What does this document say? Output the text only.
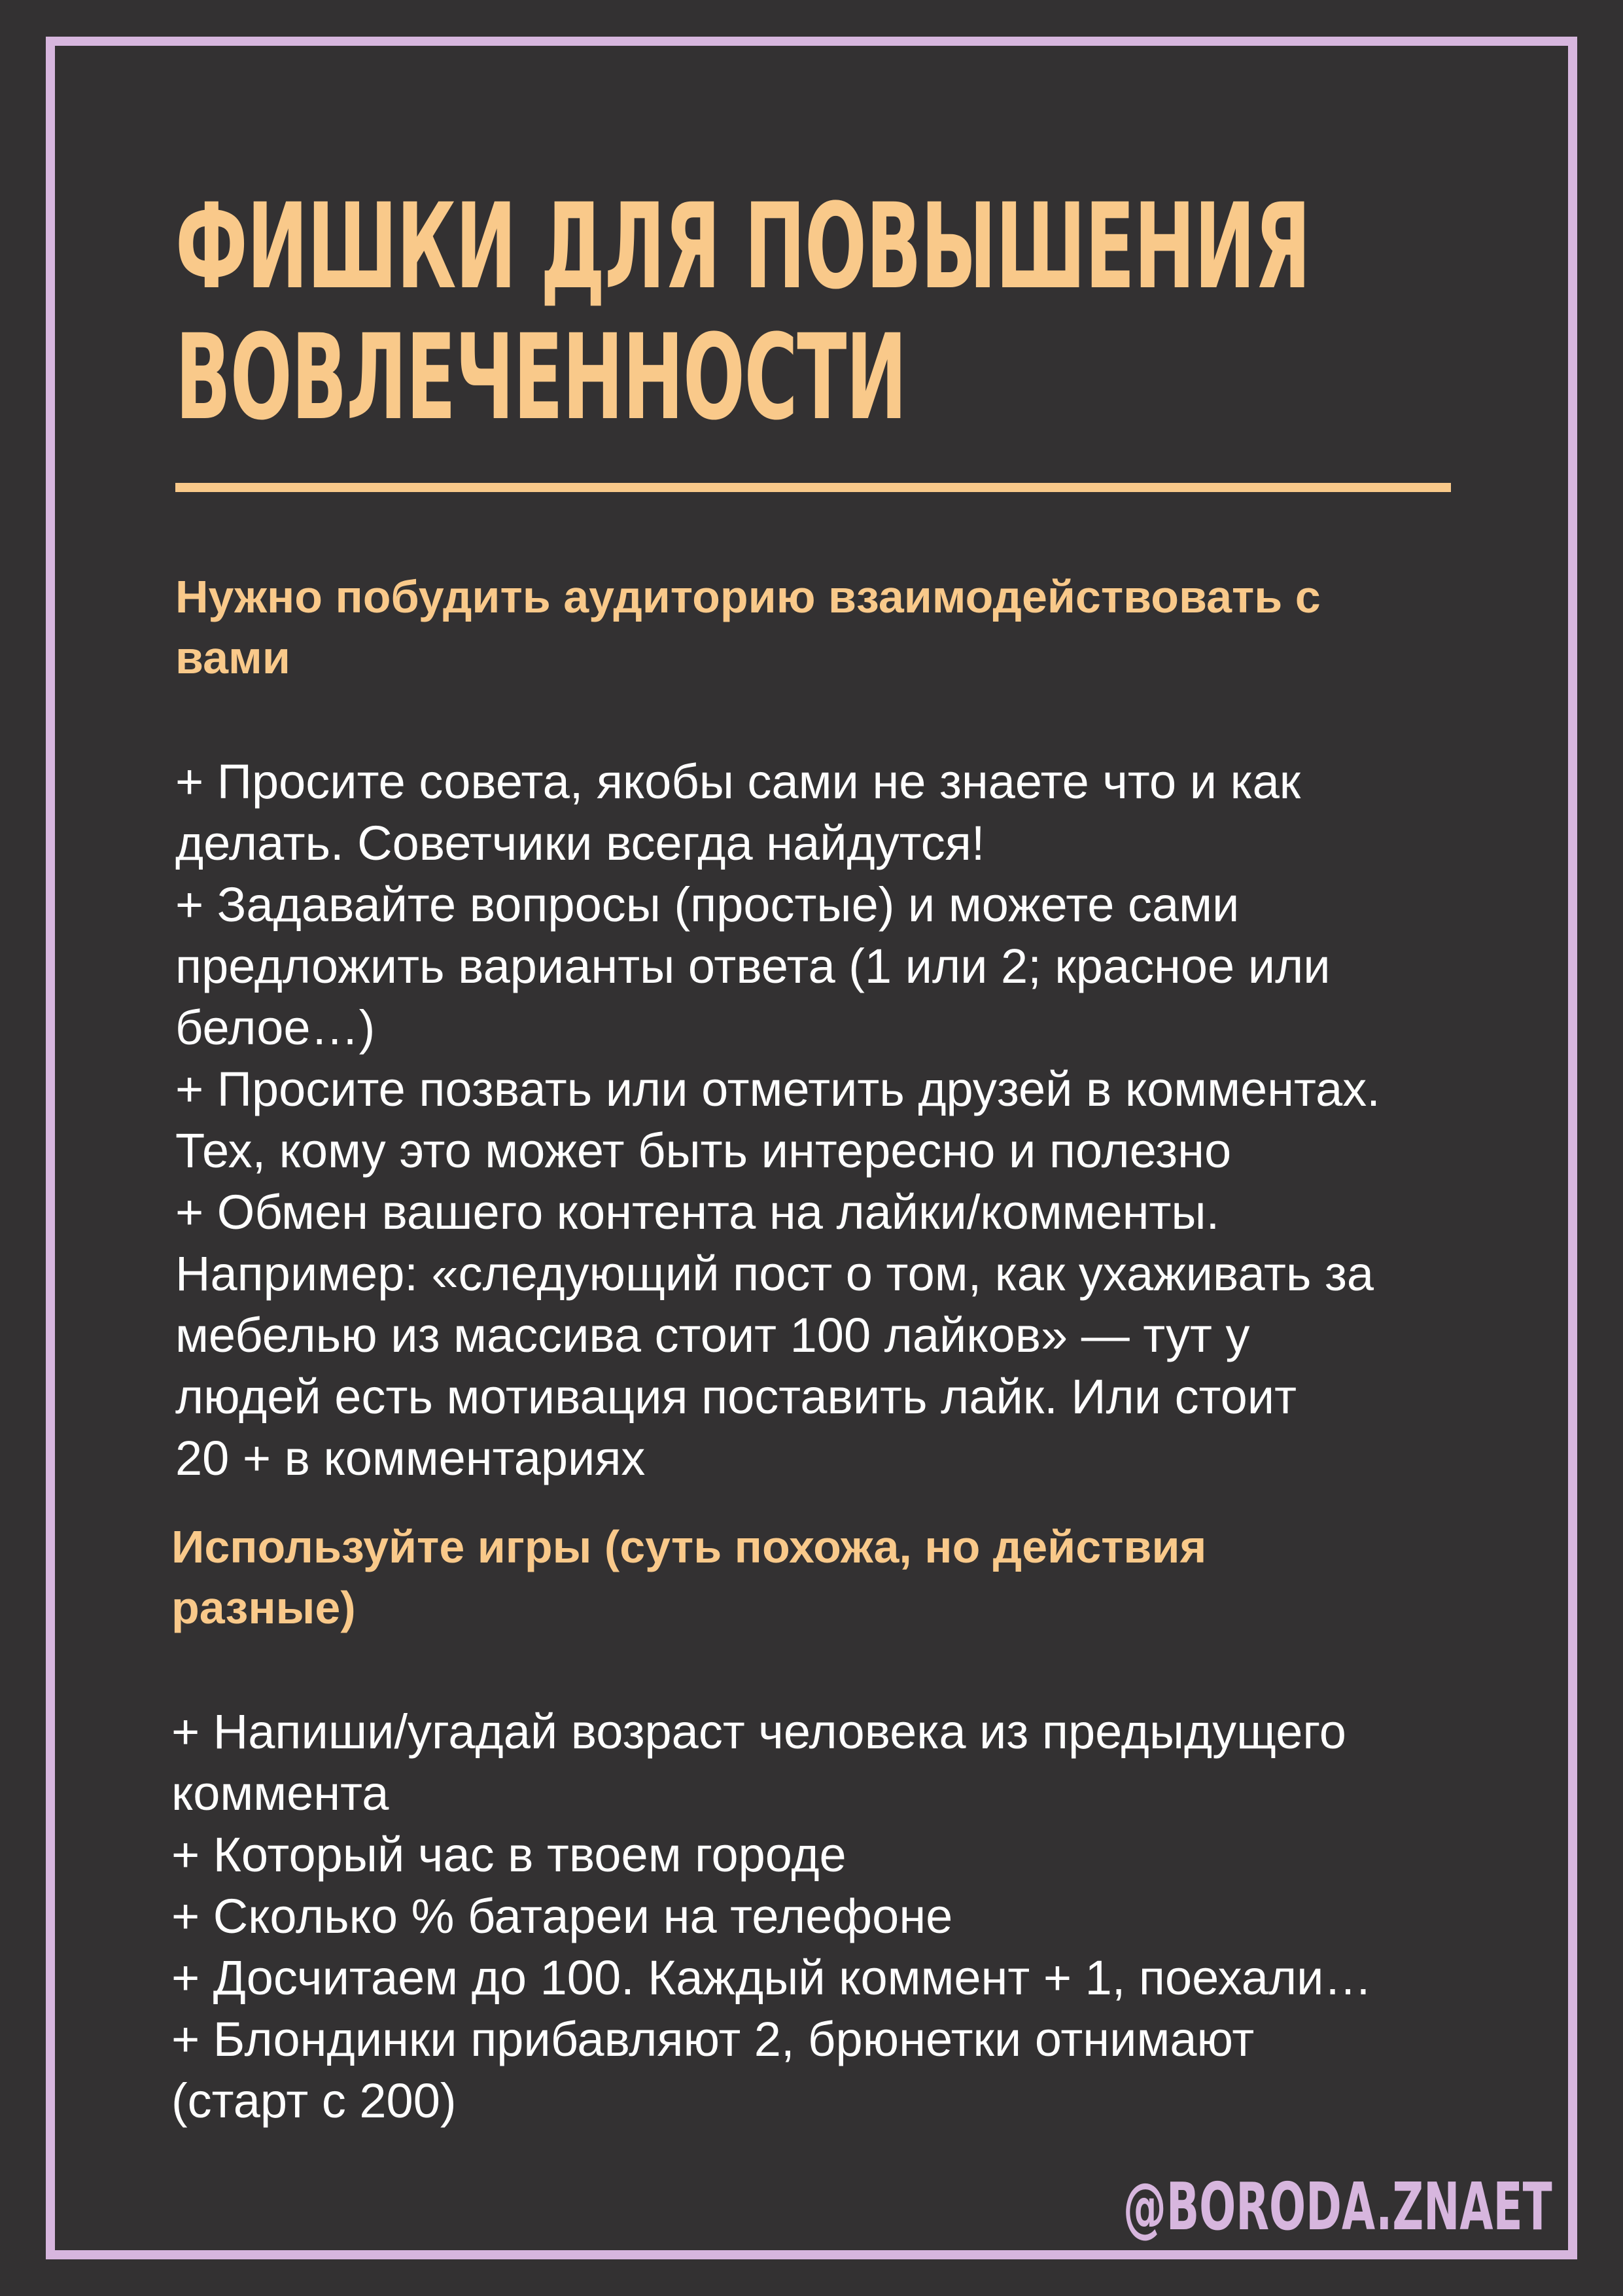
ФИШКИ ДЛЯ ПОВЫШЕНИЯ
ВОВЛЕЧЕННОСТИ
Нужно побудить аудиторию взаимодействовать с
вами
+ Просите совета, якобы сами не знаете что и как
делать. Советчики всегда найдутся!
+ Задавайте вопросы (простые) и можете сами
предложить варианты ответа (1 или 2; красное или
белое…)
+ Просите позвать или отметить друзей в комментах.
Тех, кому это может быть интересно и полезно
+ Обмен вашего контента на лайки/комменты.
Например: «следующий пост о том, как ухаживать за
мебелью из массива стоит 100 лайков» — тут у
людей есть мотивация поставить лайк. Или стоит
20 + в комментариях
Используйте игры (суть похожа, но действия
разные)
+ Напиши/угадай возраст человека из предыдущего
коммента
+ Который час в твоем городе
+ Сколько % батареи на телефоне
+ Досчитаем до 100. Каждый коммент + 1, поехали…
+ Блондинки прибавляют 2, брюнетки отнимают
(старт с 200)
@BORODA.ZNAET
